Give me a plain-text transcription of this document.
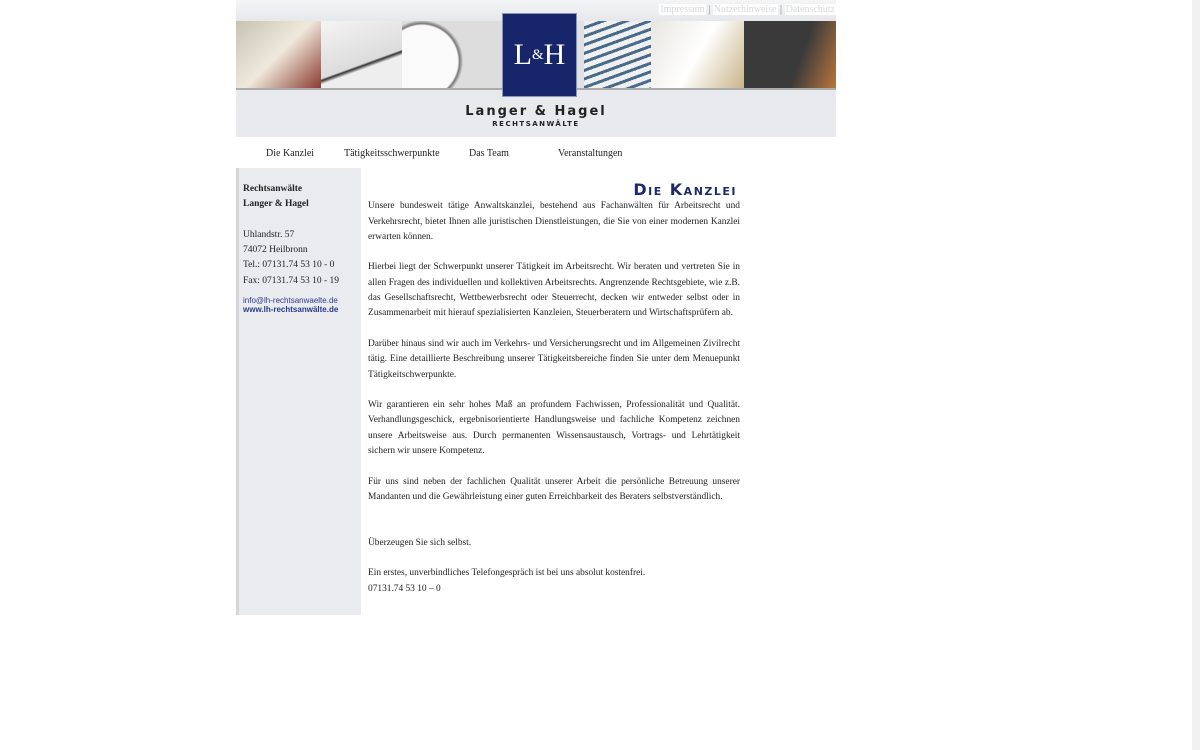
Impressum | Nutzerhinweise | Datenschutz
L & H
Langer & Hagel
RECHTSANWÄLTE
Die Kanzlei	Tätigkeitsschwerpunkte	Das Team	Veranstaltungen
Rechtsanwälte
Langer & Hagel
Uhlandstr. 57
74072 Heilbronn
Tel.: 07131.74 53 10 - 0
Fax: 07131.74 53 10 - 19
info@lh-rechtsanwaelte.de
www.lh-rechtsanwälte.de
Die Kanzlei

Unsere bundesweit tätige Anwaltskanzlei, bestehend aus Fachanwälten für Arbeitsrecht und Verkehrsrecht, bietet Ihnen alle juristischen Dienstleistungen, die Sie von einer modernen Kanzlei erwarten können.

Hierbei liegt der Schwerpunkt unserer Tätigkeit im Arbeitsrecht. Wir beraten und vertreten Sie in allen Fragen des individuellen und kollektiven Arbeitsrechts. Angrenzende Rechtsgebiete, wie z.B. das Gesellschaftsrecht, Wettbewerbsrecht oder Steuerrecht, decken wir entweder selbst oder in Zusammenarbeit mit hierauf spezialisierten Kanzleien, Steuerberatern und Wirtschaftsprüfern ab.

Darüber hinaus sind wir auch im Verkehrs- und Versicherungsrecht und im Allgemeinen Zivilrecht tätig. Eine detaillierte Beschreibung unserer Tätigkeitsbereiche finden Sie unter dem Menuepunkt Tätigkeitschwerpunkte.

Wir garantieren ein sehr hohes Maß an profundem Fachwissen, Professionalität und Qualität. Verhandlungsgeschick, ergebnisorientierte Handlungsweise und fachliche Kompetenz zeichnen unsere Arbeitsweise aus. Durch permanenten Wissensaustausch, Vortrags- und Lehrtätigkeit sichern wir unsere Kompetenz.

Für uns sind neben der fachlichen Qualität unserer Arbeit die persönliche Betreuung unserer Mandanten und die Gewährleistung einer guten Erreichbarkeit des Beraters selbstverständlich.

Überzeugen Sie sich selbst.

Ein erstes, unverbindliches Telefongespräch ist bei uns absolut kostenfrei.
07131.74 53 10 – 0
